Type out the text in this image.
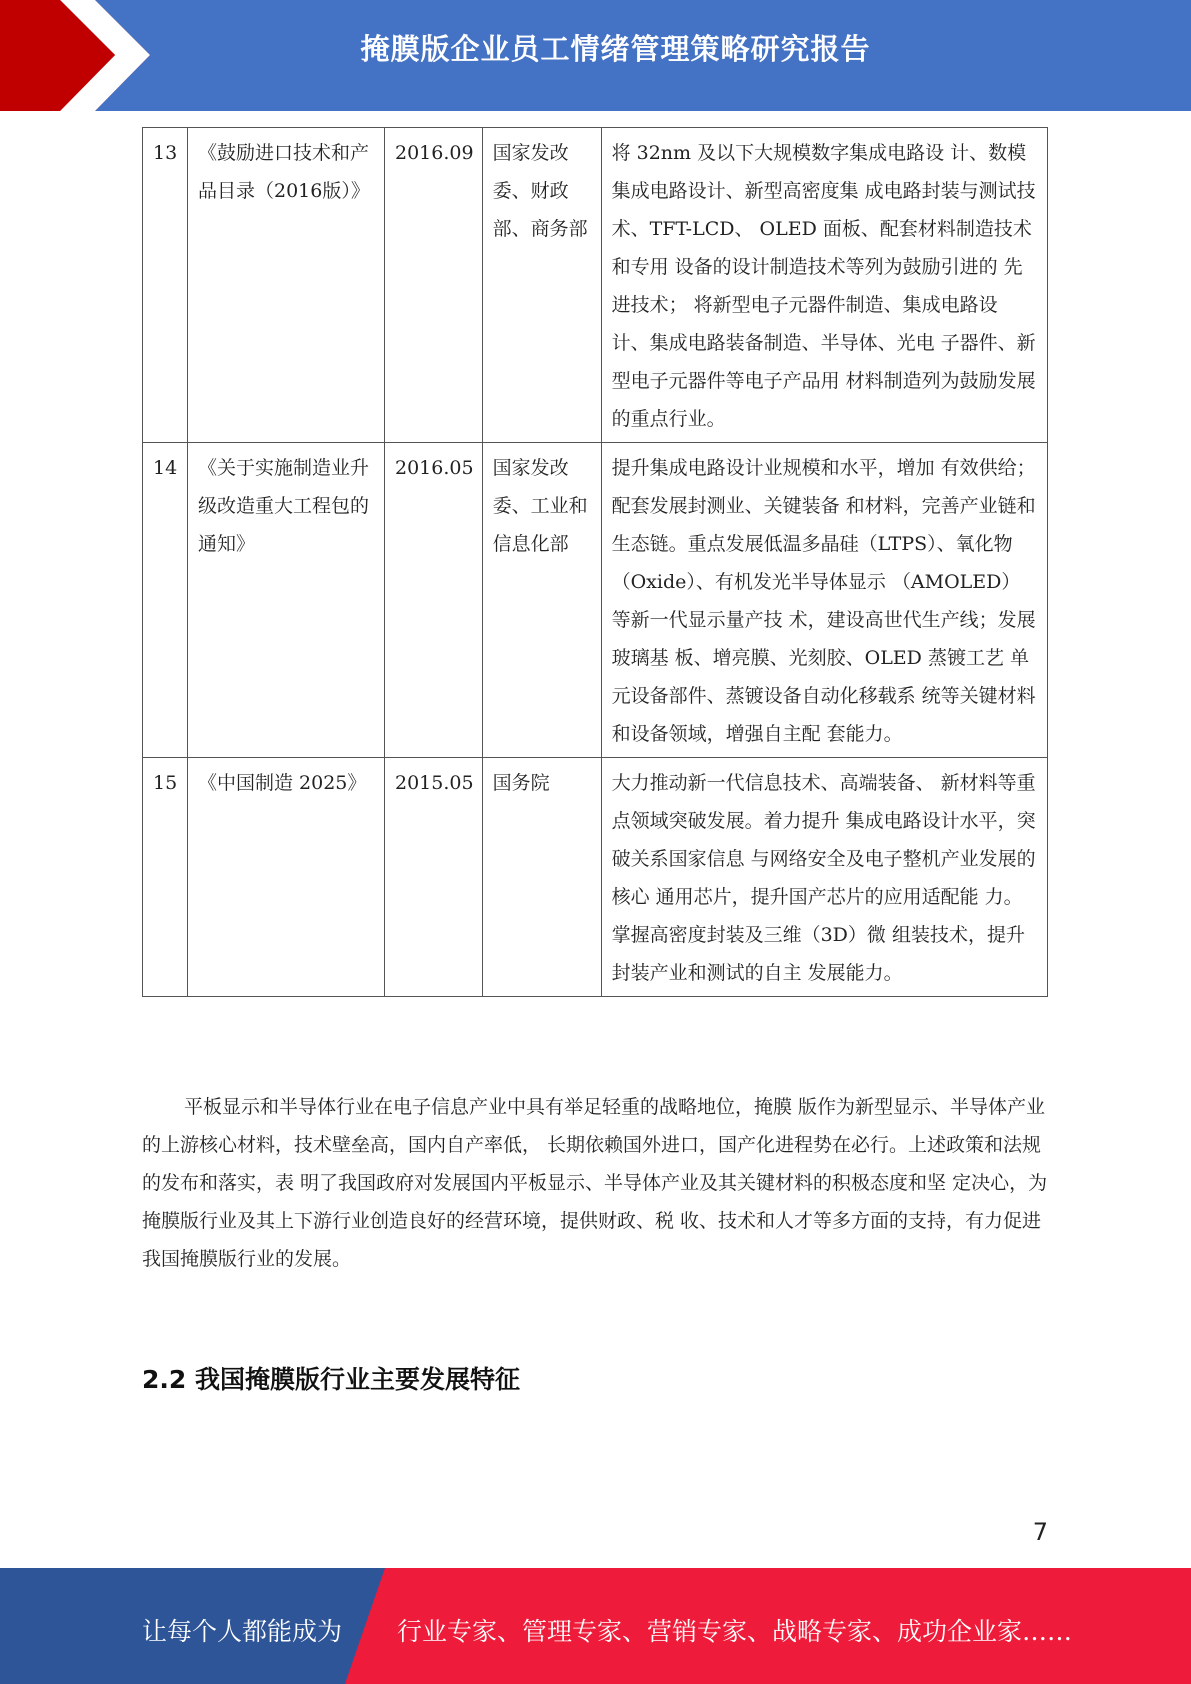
掩膜版企业员工情绪管理策略研究报告
13	《鼓励进口技术和产品目录（2016版）》	2016.09	国家发改委、财政部、商务部	将 32nm 及以下大规模数字集成电路设 计、数模集成电路设计、新型高密度集 成电路封装与测试技术、TFT-LCD、 OLED 面板、配套材料制造技术和专用 设备的设计制造技术等列为鼓励引进的 先进技术； 将新型电子元器件制造、集成电路设 计、集成电路装备制造、半导体、光电 子器件、新型电子元器件等电子产品用 材料制造列为鼓励发展的重点行业。
14	《关于实施制造业升级改造重大工程包的通知》	2016.05	国家发改委、工业和信息化部	提升集成电路设计业规模和水平，增加 有效供给；配套发展封测业、关键装备 和材料，完善产业链和生态链。重点发展低温多晶硅（LTPS）、氧化物 （Oxide）、有机发光半导体显示 （AMOLED）等新一代显示量产技 术，建设高世代生产线；发展玻璃基 板、增亮膜、光刻胶、OLED 蒸镀工艺 单元设备部件、蒸镀设备自动化移载系 统等关键材料和设备领域，增强自主配 套能力。
15	《中国制造 2025》	2015.05	国务院	大力推动新一代信息技术、高端装备、 新材料等重点领域突破发展。着力提升 集成电路设计水平，突破关系国家信息 与网络安全及电子整机产业发展的核心 通用芯片，提升国产芯片的应用适配能 力。掌握高密度封装及三维（3D）微 组装技术，提升封装产业和测试的自主 发展能力。

平板显示和半导体行业在电子信息产业中具有举足轻重的战略地位，掩膜 版作为新型显示、半导体产业的上游核心材料，技术壁垒高，国内自产率低， 长期依赖国外进口，国产化进程势在必行。上述政策和法规的发布和落实，表 明了我国政府对发展国内平板显示、半导体产业及其关键材料的积极态度和坚 定决心，为掩膜版行业及其上下游行业创造良好的经营环境，提供财政、税 收、技术和人才等多方面的支持，有力促进我国掩膜版行业的发展。

2.2 我国掩膜版行业主要发展特征
7
让每个人都能成为 行业专家、管理专家、营销专家、战略专家、成功企业家……
